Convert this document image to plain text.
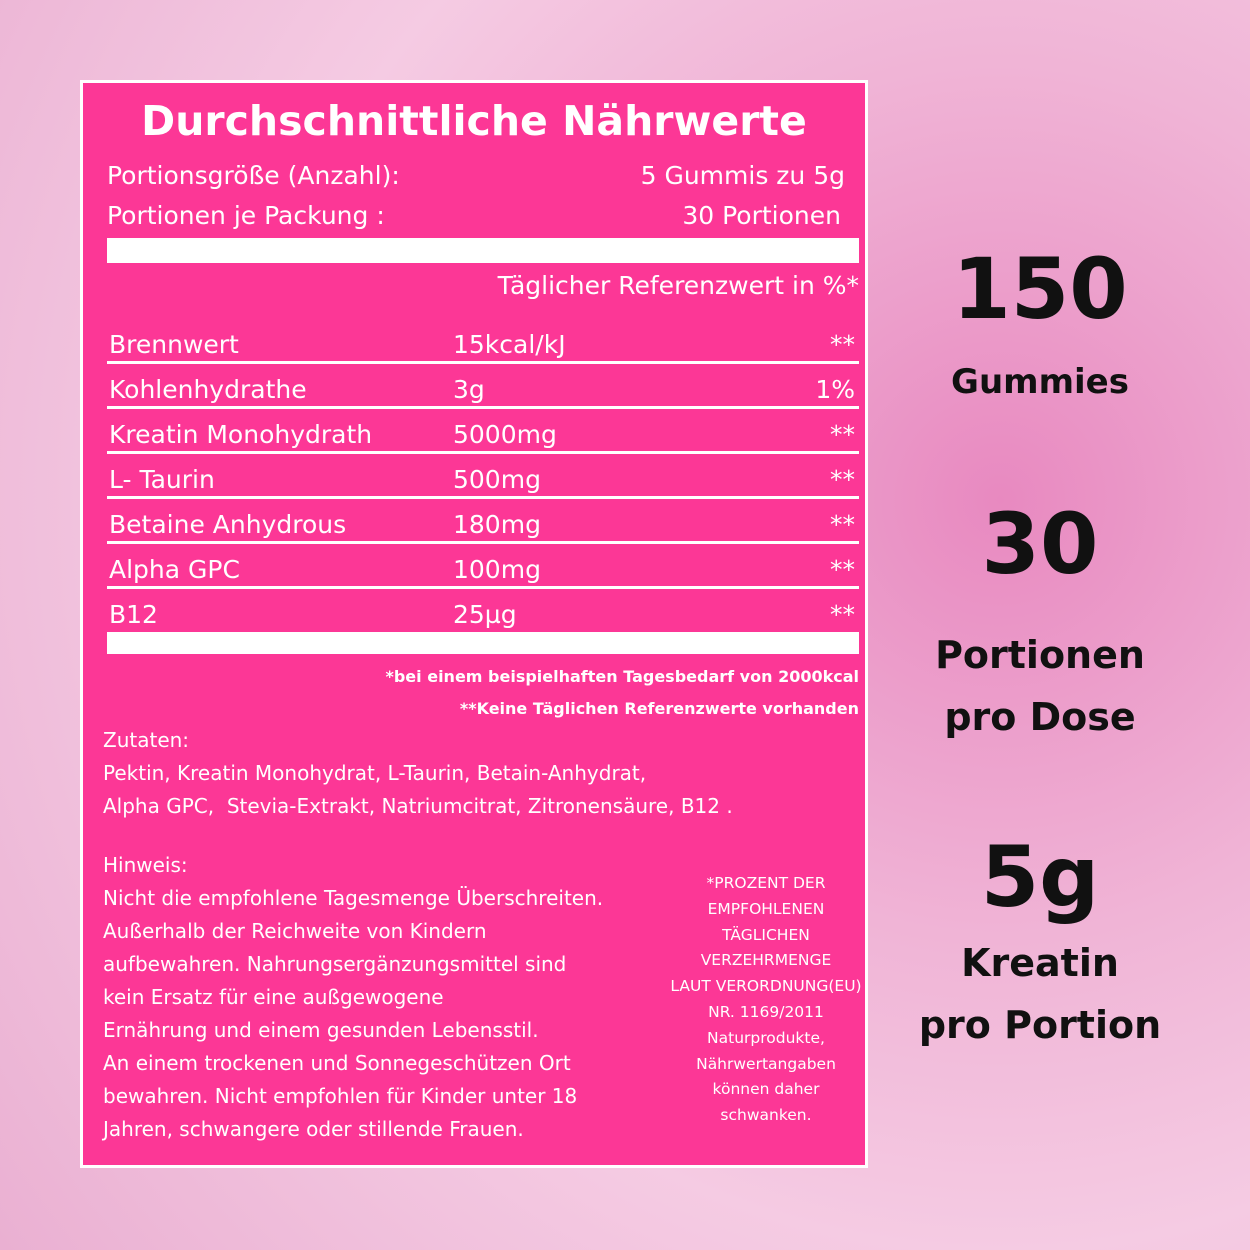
Durchschnittliche Nährwerte
Portionsgröße (Anzahl):	5 Gummis zu 5g
Portionen je Packung :	30 Portionen
Täglicher Referenzwert in %*
Brennwert	15kcal/kJ	**
Kohlenhydrathe	3g	1%
Kreatin Monohydrath	5000mg	**
L- Taurin	500mg	**
Betaine Anhydrous	180mg	**
Alpha GPC	100mg	**
B12	25µg	**
*bei einem beispielhaften Tagesbedarf von 2000kcal
**Keine Täglichen Referenzwerte vorhanden
Zutaten:
Pektin, Kreatin Monohydrat, L-Taurin, Betain-Anhydrat,
Alpha GPC,  Stevia-Extrakt, Natriumcitrat, Zitronensäure, B12 .
Hinweis:
Nicht die empfohlene Tagesmenge Überschreiten.
Außerhalb der Reichweite von Kindern
aufbewahren. Nahrungsergänzungsmittel sind
kein Ersatz für eine außgewogene
Ernährung und einem gesunden Lebensstil.
An einem trockenen und Sonnegeschützen Ort
bewahren. Nicht empfohlen für Kinder unter 18
Jahren, schwangere oder stillende Frauen.
*PROZENT DER
EMPFOHLENEN
TÄGLICHEN
VERZEHRMENGE
LAUT VERORDNUNG(EU)
NR. 1169/2011
Naturprodukte,
Nährwertangaben
können daher
schwanken.
150
Gummies
30
Portionen
pro Dose
5g
Kreatin
pro Portion
